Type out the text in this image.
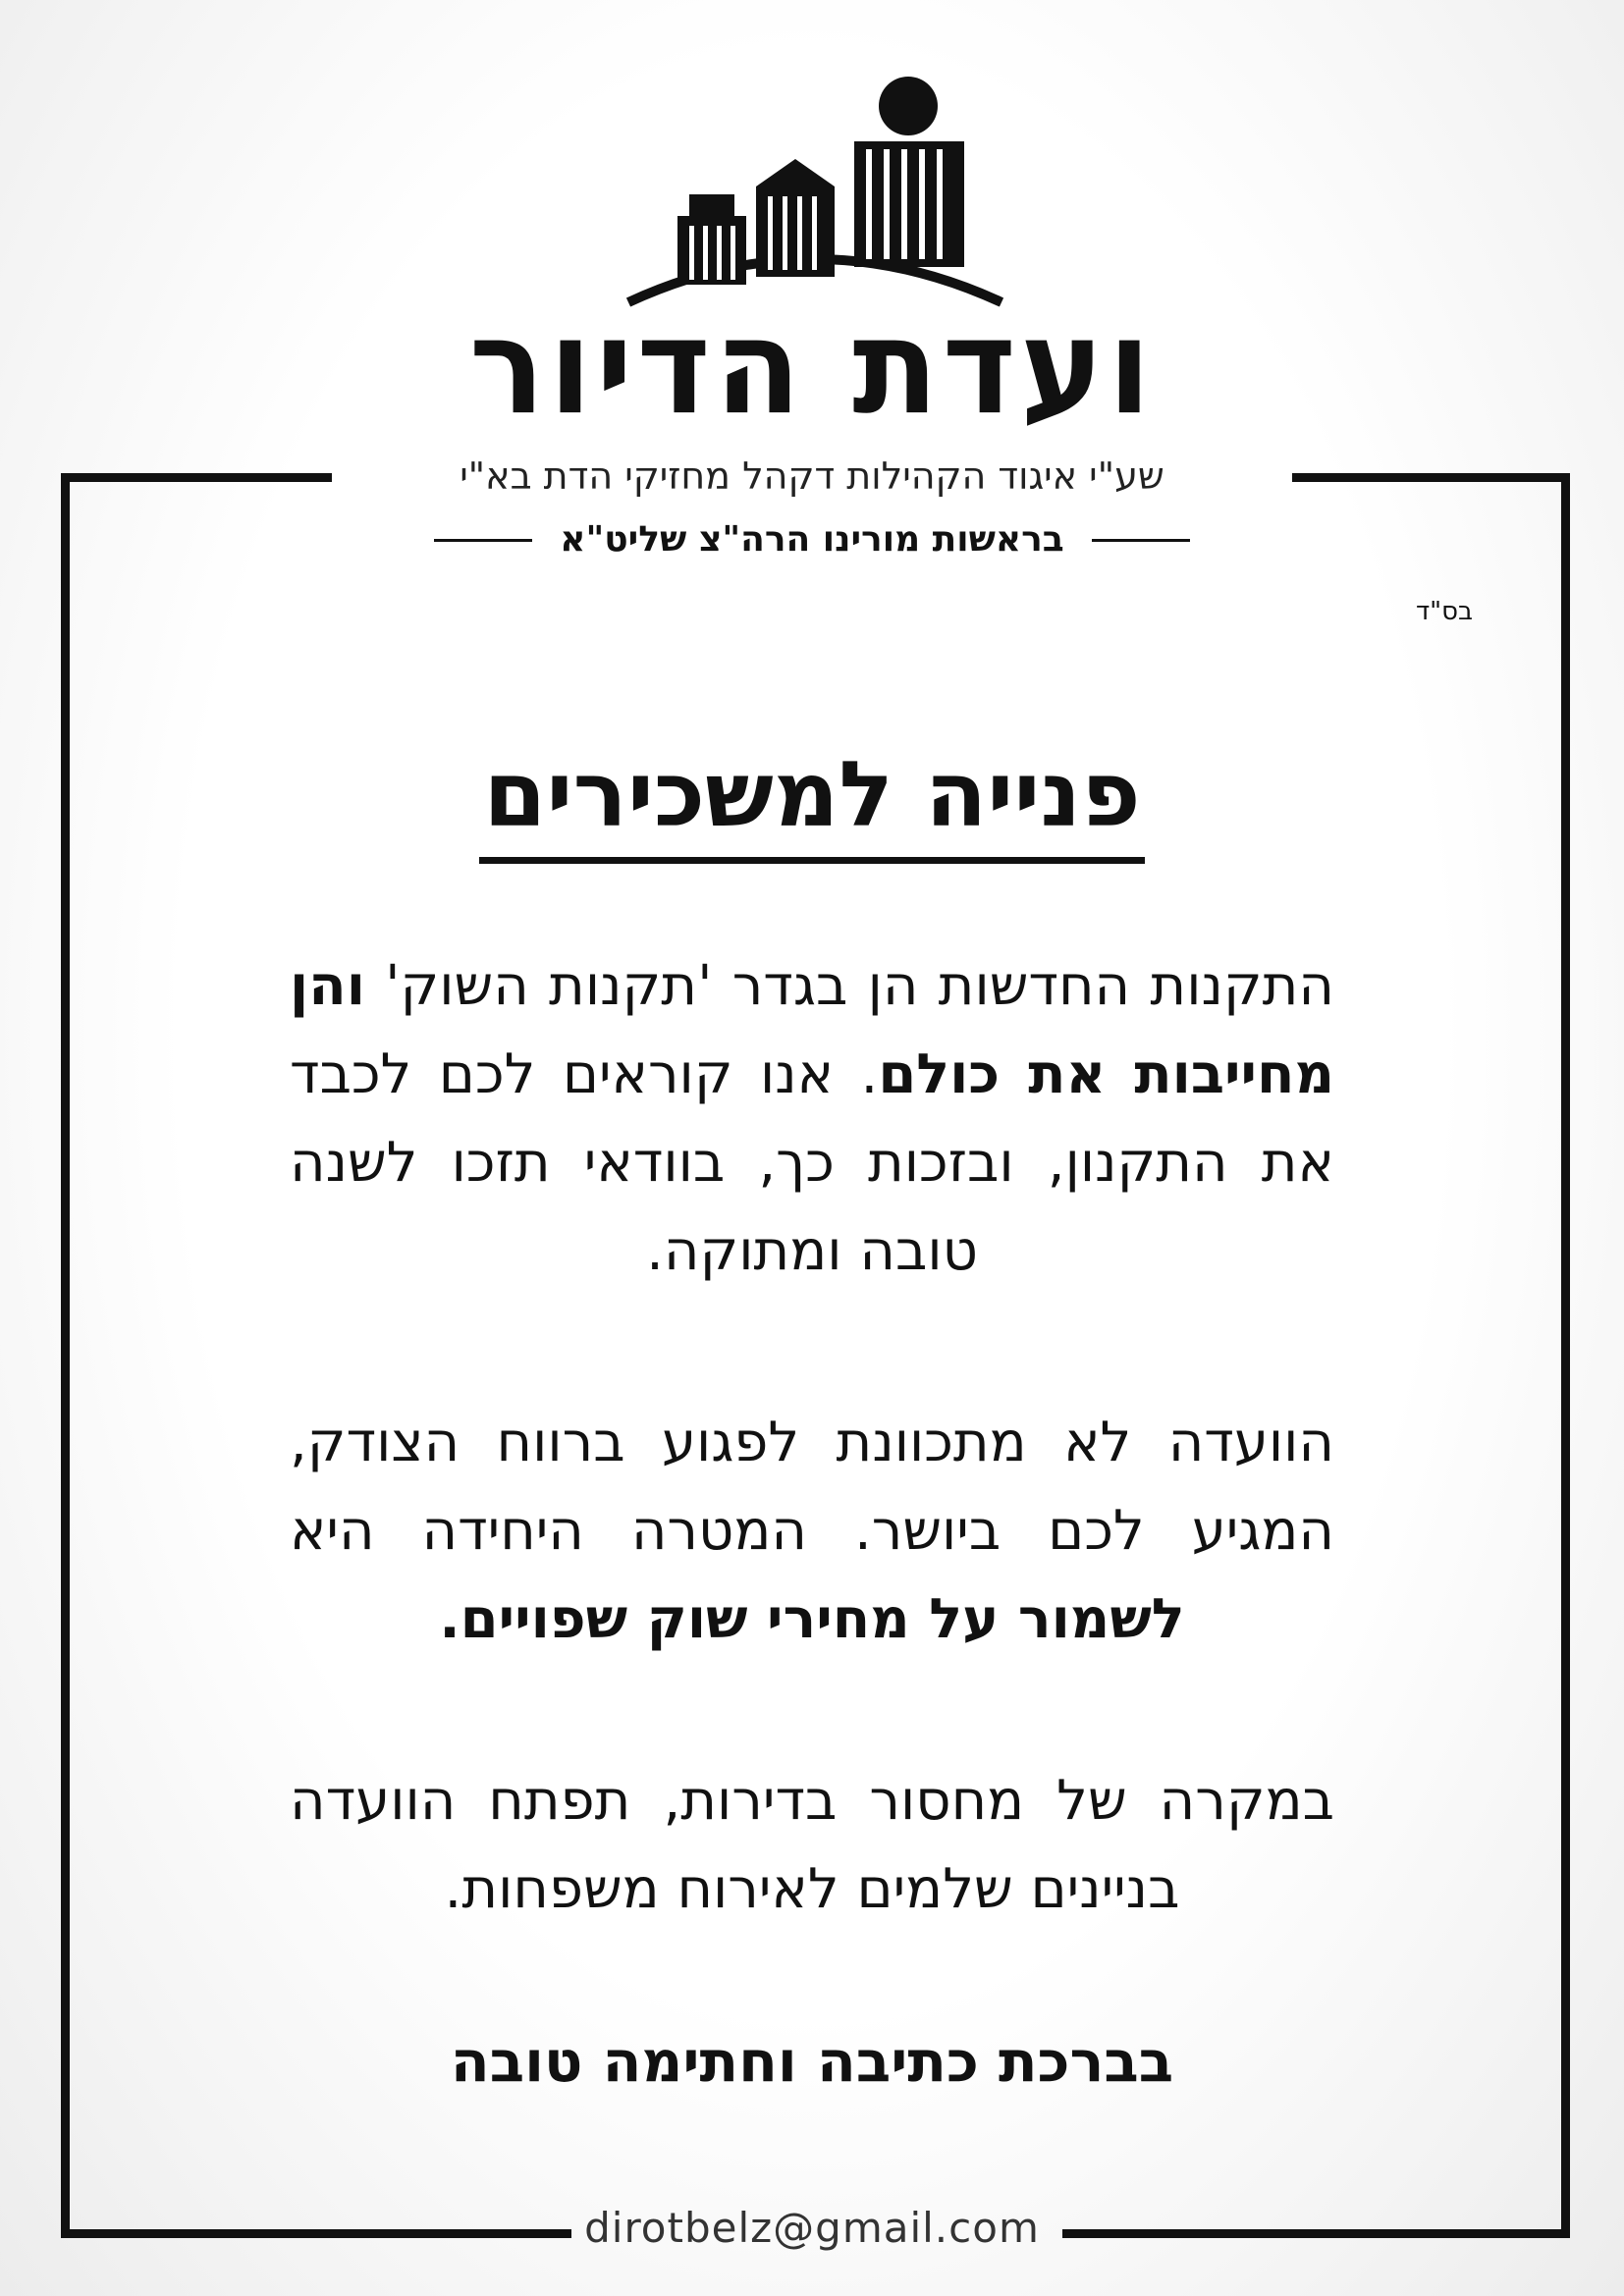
ועדת הדיור
שע"י איגוד הקהילות דקהל מחזיקי הדת בא"י
בראשות מורינו הרה"צ שליט"א
בס"ד
פנייה למשכירים
התקנות החדשות הן בגדר 'תקנות השוק' והן מחייבות את כולם. אנו קוראים לכם לכבד את התקנון, ובזכות כך, בוודאי תזכו לשנה טובה ומתוקה.
הוועדה לא מתכוונת לפגוע ברווח הצודק, המגיע לכם ביושר. המטרה היחידה היא לשמור על מחירי שוק שפויים.
במקרה של מחסור בדירות, תפתח הוועדה בניינים שלמים לאירוח משפחות.
בברכת כתיבה וחתימה טובה
dirotbelz@gmail.com
